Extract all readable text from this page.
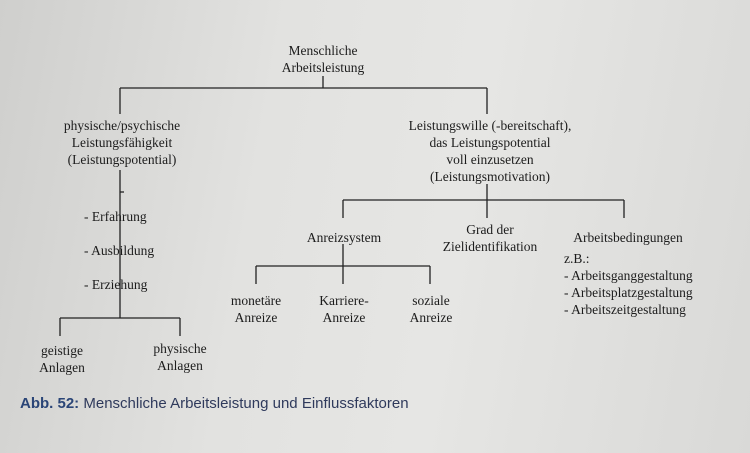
Menschliche
Arbeitsleistung
physische/psychische
Leistungsfähigkeit
(Leistungspotential)
- Erfahrung
- Ausbildung
- Erziehung
geistige
Anlagen
physische
Anlagen
Leistungswille (-bereitschaft),
das Leistungspotential
voll einzusetzen
(Leistungsmotivation)
Anreizsystem
Grad der
Zielidentifikation
Arbeitsbedingungen
monetäre
Anreize
Karriere-
Anreize
soziale
Anreize
z.B.:
- Arbeitsganggestaltung
- Arbeitsplatzgestaltung
- Arbeitszeitgestaltung
Abb. 52: Menschliche Arbeitsleistung und Einflussfaktoren
